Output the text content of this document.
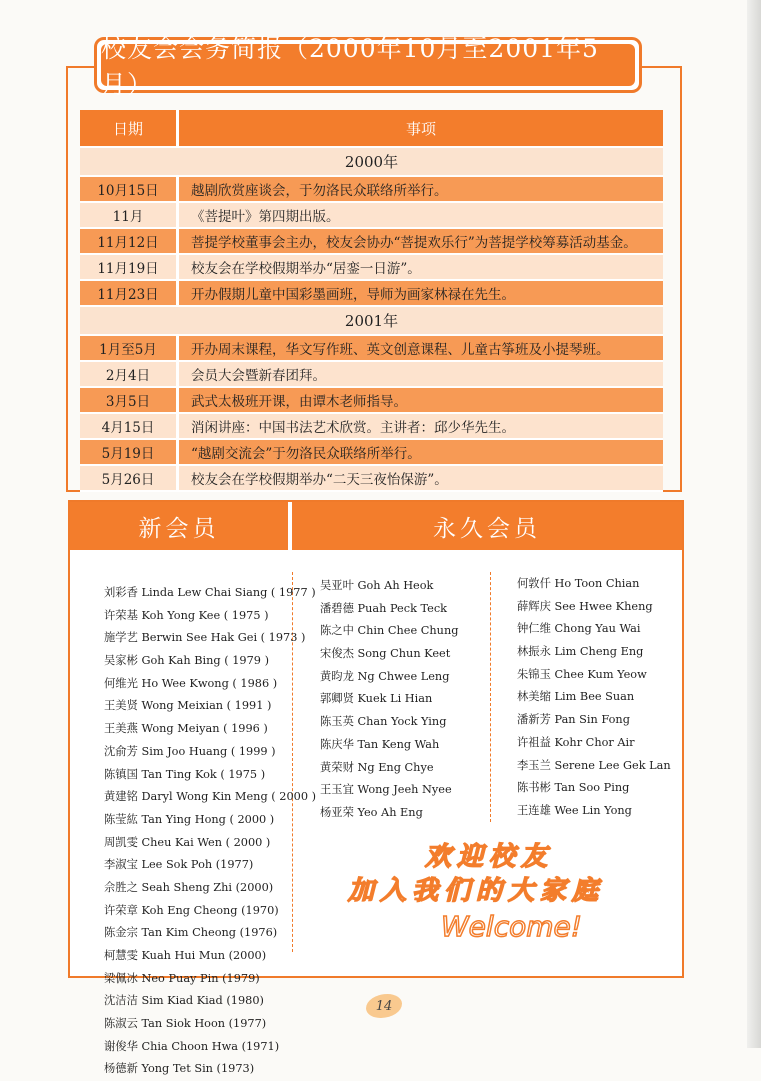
校友会会务简报（2000年10月至2001年5月）
日期	事项
2000年	
10月15日	越剧欣赏座谈会，于勿洛民众联络所举行。
11月	《菩提叶》第四期出版。
11月12日	菩提学校董事会主办，校友会协办“菩提欢乐行”为菩提学校筹募活动基金。
11月19日	校友会在学校假期举办“居銮一日游”。
11月23日	开办假期儿童中国彩墨画班，导师为画家林禄在先生。
2001年	
1月至5月	开办周末课程，华文写作班、英文创意课程、儿童古筝班及小提琴班。
2月4日	会员大会暨新春团拜。
3月5日	武式太极班开课，由谭木老师指导。
4月15日	消闲讲座：中国书法艺术欣赏。主讲者：邱少华先生。
5月19日	“越剧交流会”于勿洛民众联络所举行。
5月26日	校友会在学校假期举办“二天三夜怡保游”。
新会员	永久会员
刘彩香 Linda Lew Chai Siang ( 1977 )
许荣基 Koh Yong Kee ( 1975 )
施学艺 Berwin See Hak Gei ( 1973 )
吴家彬 Goh Kah Bing ( 1979 )
何维光 Ho Wee Kwong ( 1986 )
王美贤 Wong Meixian ( 1991 )
王美燕 Wong Meiyan ( 1996 )
沈俞芳 Sim Joo Huang ( 1999 )
陈镇国 Tan Ting Kok ( 1975 )
黄建铭 Daryl Wong Kin Meng ( 2000 )
陈莹紘 Tan Ying Hong ( 2000 )
周凯雯 Cheu Kai Wen ( 2000 )
李淑宝 Lee Sok Poh (1977)
佘胜之 Seah Sheng Zhi (2000)
许荣章 Koh Eng Cheong (1970)
陈金宗 Tan Kim Cheong (1976)
柯慧雯 Kuah Hui Mun (2000)
梁佩冰 Neo Puay Pin (1979)
沈洁洁 Sim Kiad Kiad (1980)
陈淑云 Tan Siok Hoon (1977)
谢俊华 Chia Choon Hwa (1971)
杨德新 Yong Tet Sin (1973)
吴亚叶 Goh Ah Heok
潘碧德 Puah Peck Teck
陈之中 Chin Chee Chung
宋俊杰 Song Chun Keet
黄昀龙 Ng Chwee Leng
郭卿贤 Kuek Li Hian
陈玉英 Chan Yock Ying
陈庆华 Tan Keng Wah
黄荣财 Ng Eng Chye
王玉宜 Wong Jeeh Nyee
杨亚荣 Yeo Ah Eng
何敦仟 Ho Toon Chian
薛辉庆 See Hwee Kheng
钟仁维 Chong Yau Wai
林振永 Lim Cheng Eng
朱锦玉 Chee Kum Yeow
林美缩 Lim Bee Suan
潘新芳 Pan Sin Fong
许祖益 Kohr Chor Air
李玉兰 Serene Lee Gek Lan
陈书彬 Tan Soo Ping
王连雄 Wee Lin Yong
欢迎校友
加入我们的大家庭
Welcome!
14
